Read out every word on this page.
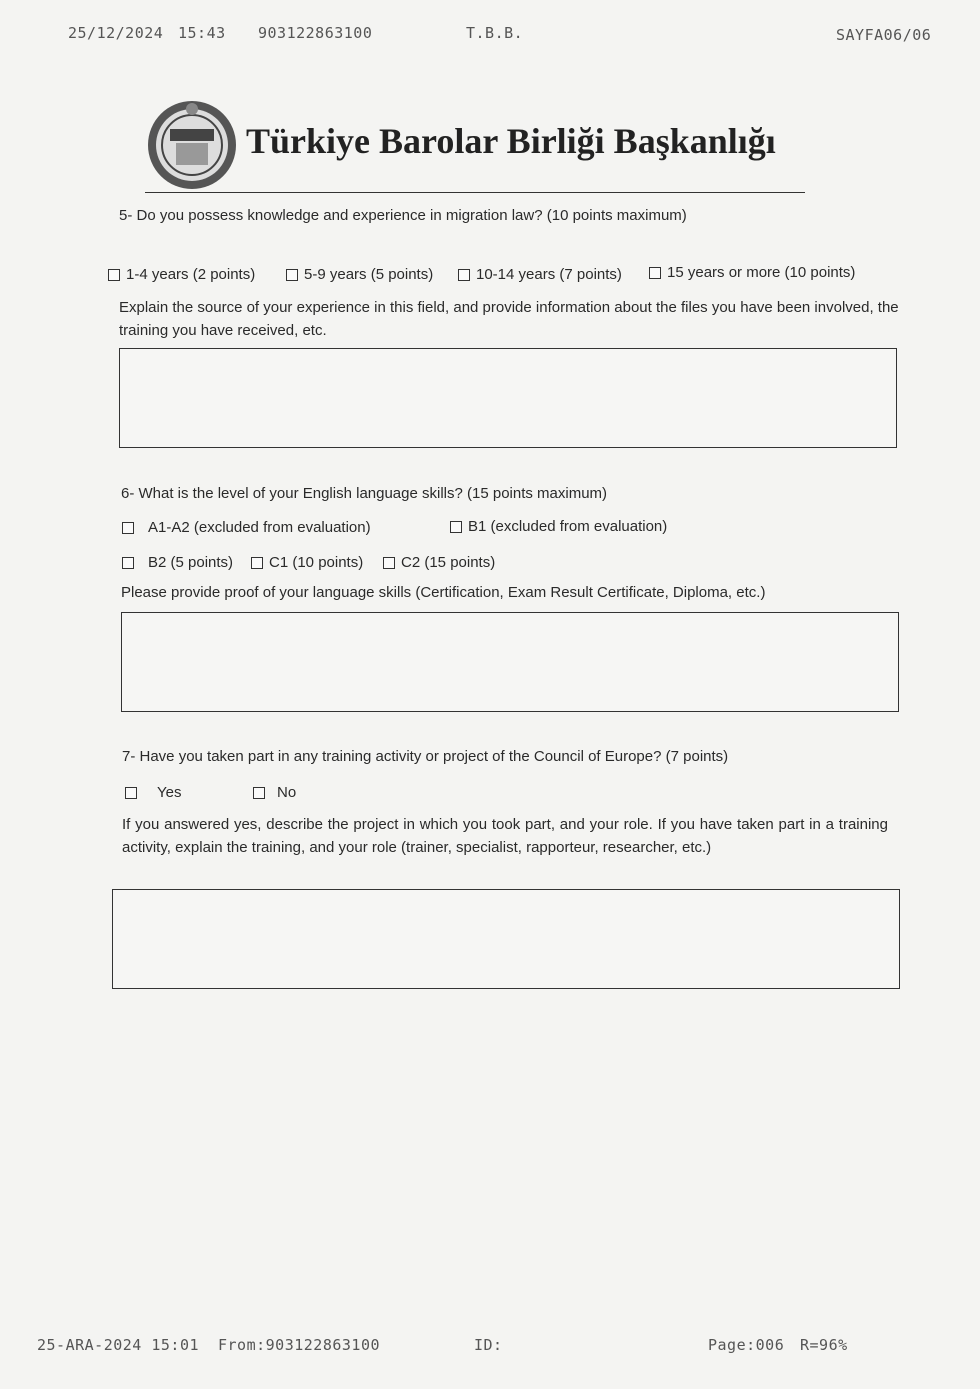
25/12/2024 15:43 903122863100	T.B.B.	SAYFA06/06
Türkiye Barolar Birliği Başkanlığı
5- Do you possess knowledge and experience in migration law? (10 points maximum)
1-4 years (2 points)	5-9 years (5 points)	10-14 years (7 points)	15 years or more (10 points)
Explain the source of your experience in this field, and provide information about the files you have been involved, the training you have received, etc.
6- What is the level of your English language skills? (15 points maximum)
A1-A2 (excluded from evaluation)	B1 (excluded from evaluation)
B2 (5 points) C1 (10 points)	C2 (15 points)
Please provide proof of your language skills (Certification, Exam Result Certificate, Diploma, etc.)
7- Have you taken part in any training activity or project of the Council of Europe? (7 points)
Yes	No
If you answered yes, describe the project in which you took part, and your role. If you have taken part in a training activity, explain the training, and your role (trainer, specialist, rapporteur, researcher, etc.)
25-ARA-2024 15:01 From:903122863100	ID:	Page:006 R=96%
